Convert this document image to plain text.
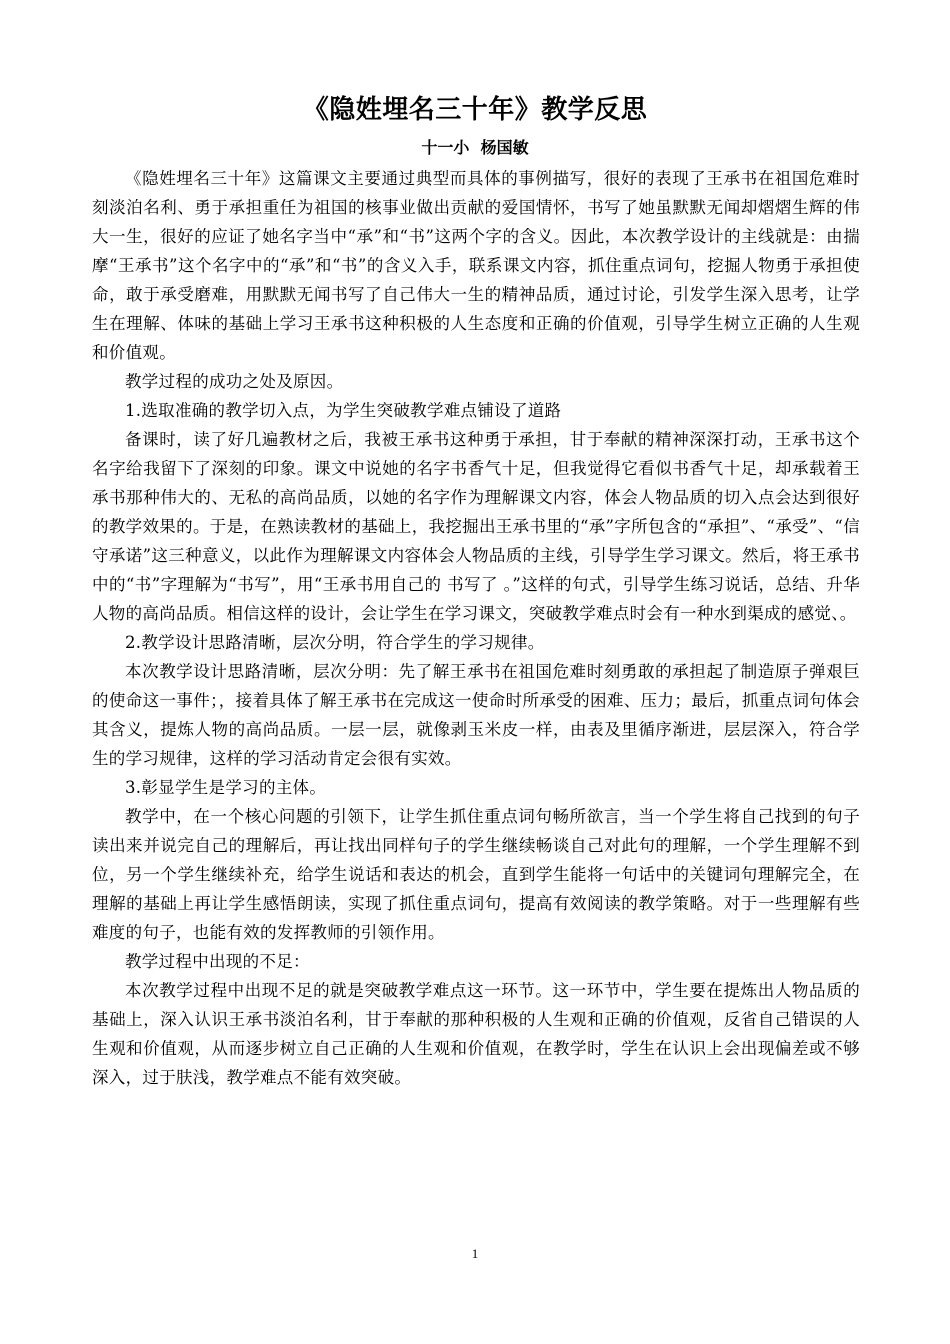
《隐姓埋名三十年》教学反思
十一小  杨国敏

《隐姓埋名三十年》这篇课文主要通过典型而具体的事例描写，很好的表现了王承书在祖国危难时刻淡泊名利、勇于承担重任为祖国的核事业做出贡献的爱国情怀，书写了她虽默默无闻却熠熠生辉的伟大一生，很好的应证了她名字当中“承”和“书”这两个字的含义。因此，本次教学设计的主线就是：由揣摩“王承书”这个名字中的“承”和“书”的含义入手，联系课文内容，抓住重点词句，挖掘人物勇于承担使命，敢于承受磨难，用默默无闻书写了自己伟大一生的精神品质，通过讨论，引发学生深入思考，让学生在理解、体味的基础上学习王承书这种积极的人生态度和正确的价值观，引导学生树立正确的人生观和价值观。

教学过程的成功之处及原因。

1.选取准确的教学切入点，为学生突破教学难点铺设了道路

备课时，读了好几遍教材之后，我被王承书这种勇于承担，甘于奉献的精神深深打动，王承书这个名字给我留下了深刻的印象。课文中说她的名字书香气十足，但我觉得它看似书香气十足，却承载着王承书那种伟大的、无私的高尚品质，以她的名字作为理解课文内容，体会人物品质的切入点会达到很好的教学效果的。于是，在熟读教材的基础上，我挖掘出王承书里的“承”字所包含的“承担”、“承受”、“信守承诺”这三种意义，以此作为理解课文内容体会人物品质的主线，引导学生学习课文。然后，将王承书中的“书”字理解为“书写”，用“王承书用自己的 书写了 。”这样的句式，引导学生练习说话，总结、升华人物的高尚品质。相信这样的设计，会让学生在学习课文，突破教学难点时会有一种水到渠成的感觉、。

2.教学设计思路清晰，层次分明，符合学生的学习规律。

本次教学设计思路清晰，层次分明：先了解王承书在祖国危难时刻勇敢的承担起了制造原子弹艰巨的使命这一事件；，接着具体了解王承书在完成这一使命时所承受的困难、压力；最后，抓重点词句体会其含义，提炼人物的高尚品质。一层一层，就像剥玉米皮一样，由表及里循序渐进，层层深入，符合学生的学习规律，这样的学习活动肯定会很有实效。

3.彰显学生是学习的主体。

教学中，在一个核心问题的引领下，让学生抓住重点词句畅所欲言，当一个学生将自己找到的句子读出来并说完自己的理解后，再让找出同样句子的学生继续畅谈自己对此句的理解，一个学生理解不到位，另一个学生继续补充，给学生说话和表达的机会，直到学生能将一句话中的关键词句理解完全，在理解的基础上再让学生感悟朗读，实现了抓住重点词句，提高有效阅读的教学策略。对于一些理解有些难度的句子，也能有效的发挥教师的引领作用。

教学过程中出现的不足：

本次教学过程中出现不足的就是突破教学难点这一环节。这一环节中，学生要在提炼出人物品质的基础上，深入认识王承书淡泊名利，甘于奉献的那种积极的人生观和正确的价值观，反省自己错误的人生观和价值观，从而逐步树立自己正确的人生观和价值观，在教学时，学生在认识上会出现偏差或不够深入，过于肤浅，教学难点不能有效突破。

1
